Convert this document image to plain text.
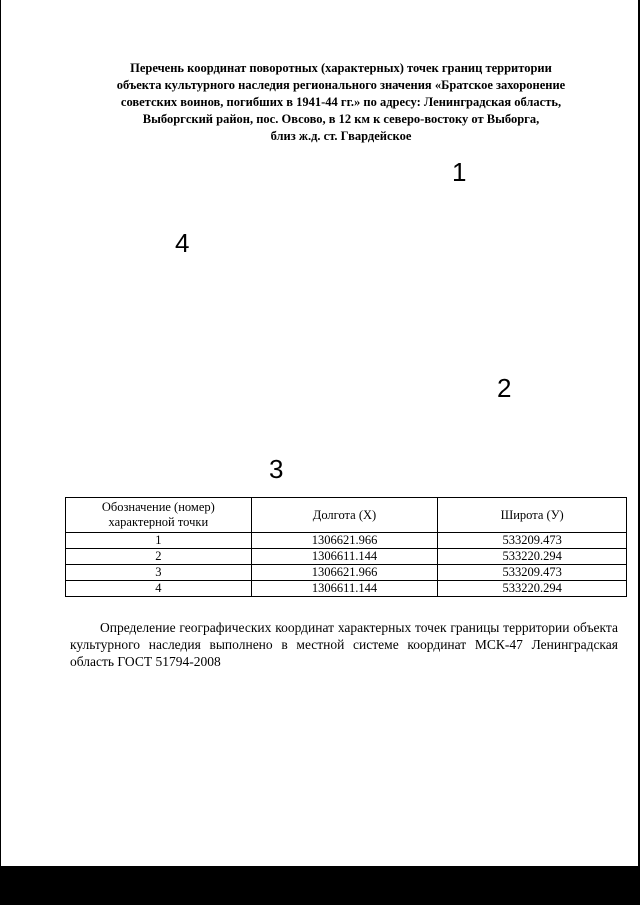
Перечень координат поворотных (характерных) точек границ территории
объекта культурного наследия регионального значения «Братское захоронение
советских воинов, погибших в 1941-44 гг.» по адресу: Ленинградская область,
Выборгский район, пос. Овсово, в 12 км к северо-востоку от Выборга,
близ ж.д. ст. Гвардейское
1
2
3
4
Обозначение (номер) характерной точки	Долгота (X)	Широта (У)
1	1306621.966	533209.473
2	1306611.144	533220.294
3	1306621.966	533209.473
4	1306611.144	533220.294
Определение географических координат характерных точек границы территории объекта культурного наследия выполнено в местной системе координат МСК-47 Ленинградская область ГОСТ 51794-2008
